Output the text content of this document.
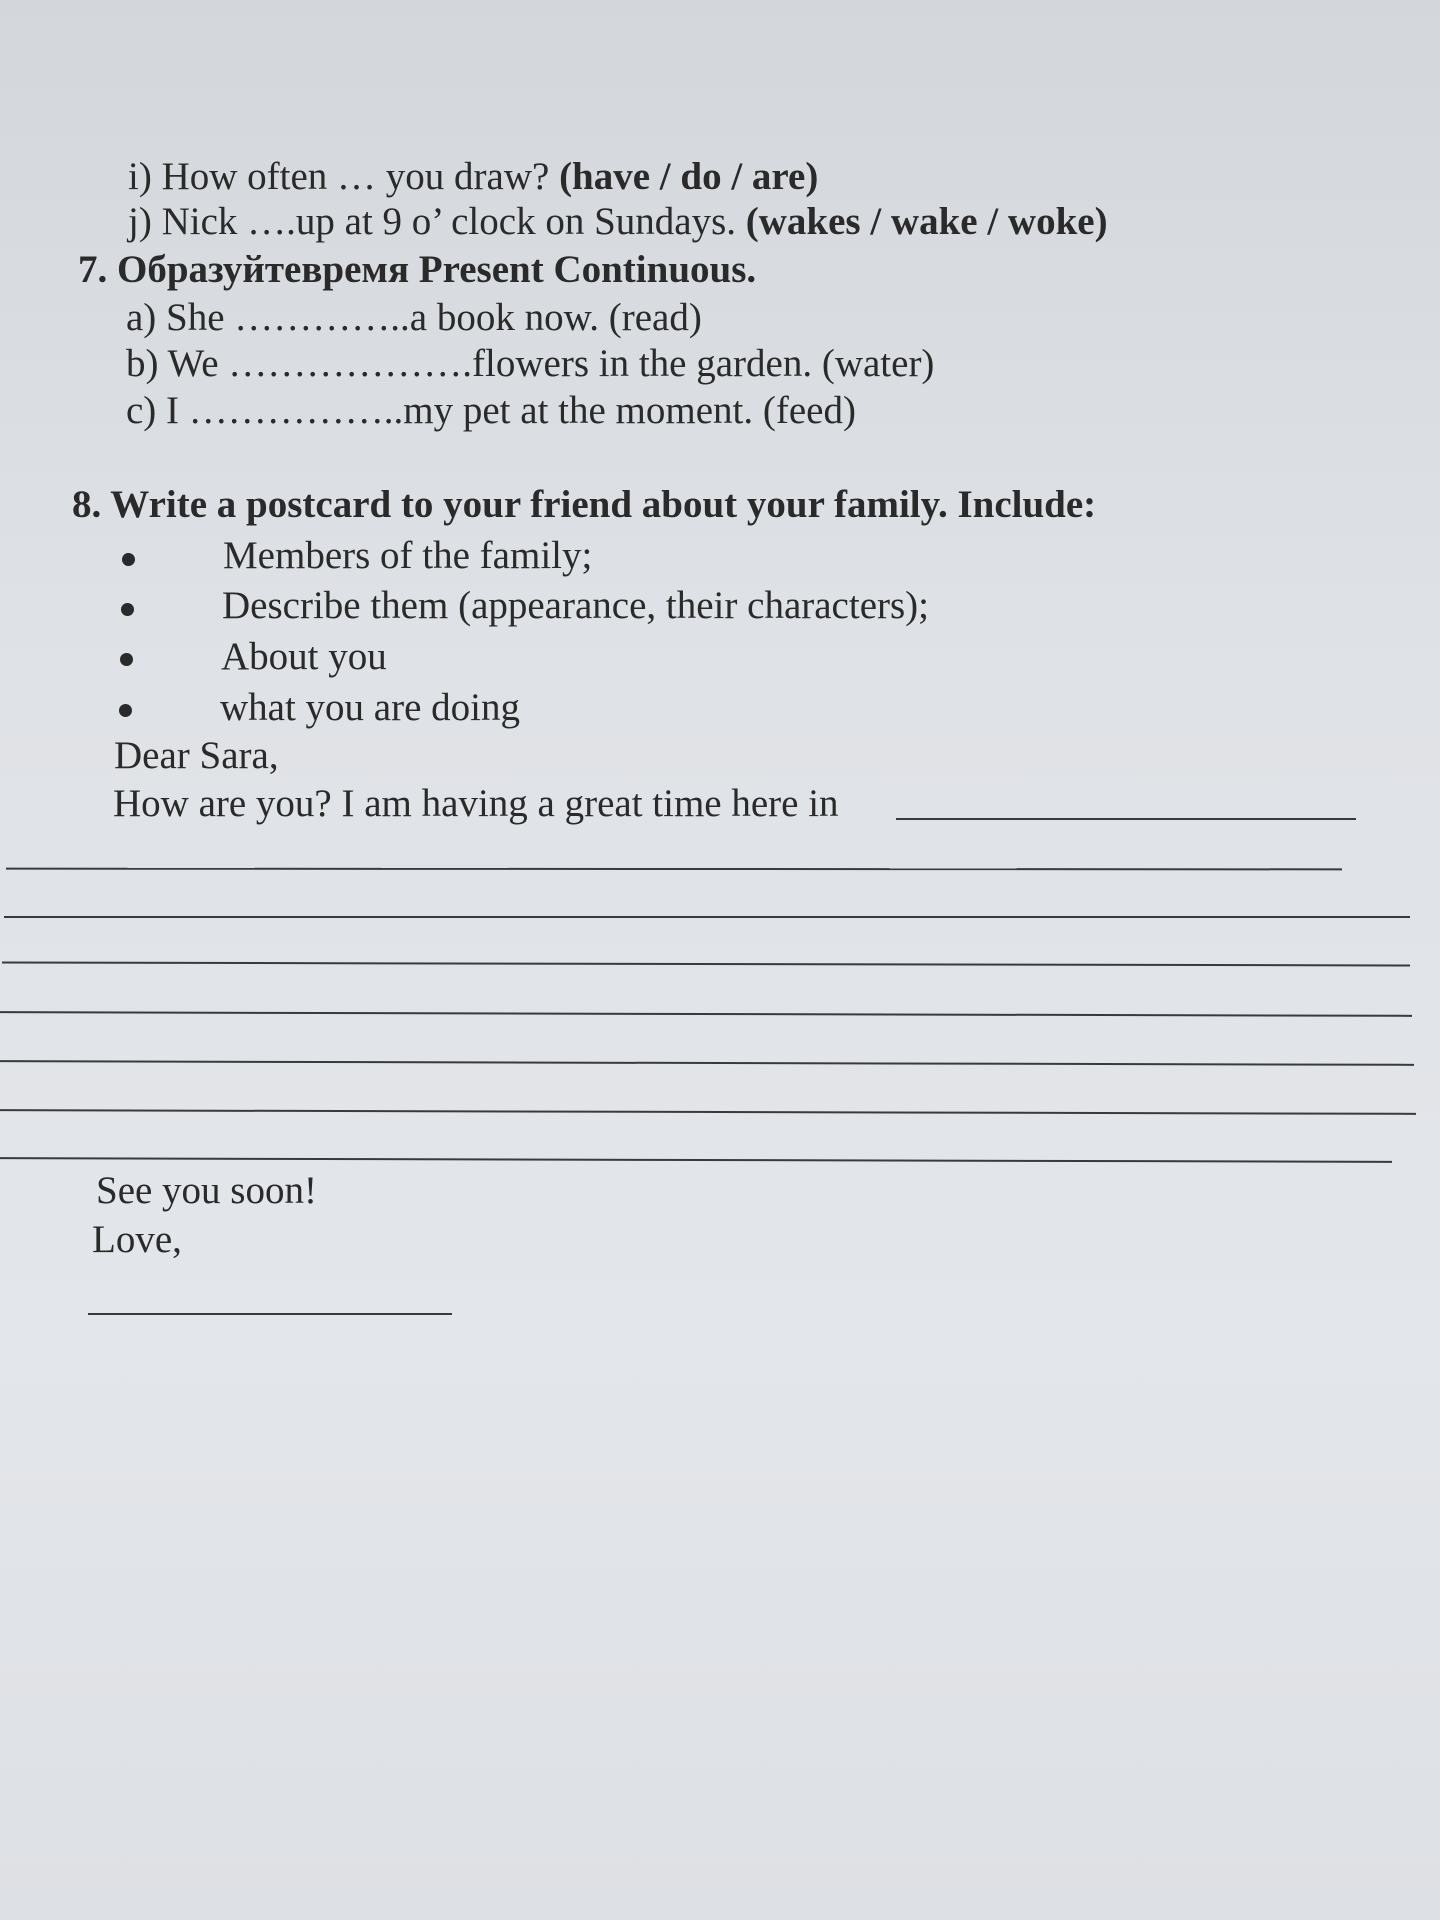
i) How often … you draw? (have / do / are)
j) Nick ….up at 9 o’ clock on Sundays. (wakes / wake / woke)
7. Образуйтевремя Present Continuous.
a) She …………..a book now. (read)
b) We ……………….flowers in the garden. (water)
c) I ……………..my pet at the moment. (feed)
8. Write a postcard to your friend about your family. Include:
Members of the family;
Describe them (appearance, their characters);
About you
what you are doing
Dear Sara,
How are you? I am having a great time here in
See you soon!
Love,
